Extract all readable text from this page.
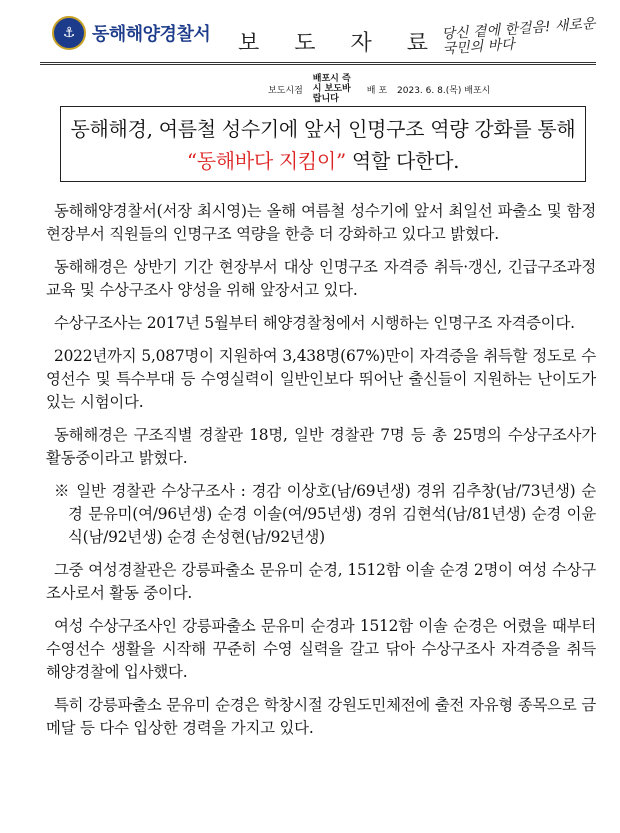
⚓ 동해해양경찰서 보 도 자 료
당신 곁에 한걸음! 새로운 국민의 바다
보도시점
배포시 즉시 보도바랍니다
배 포 2023. 6. 8.(목) 배포시
동해해경, 여름철 성수기에 앞서 인명구조 역량 강화를 통해 “동해바다 지킴이” 역할 다한다.

동해해양경찰서(서장 최시영)는 올해 여름철 성수기에 앞서 최일선 파출소 및 함정 현장부서 직원들의 인명구조 역량을 한층 더 강화하고 있다고 밝혔다.

동해해경은 상반기 기간 현장부서 대상 인명구조 자격증 취득·갱신, 긴급구조과정 교육 및 수상구조사 양성을 위해 앞장서고 있다.

수상구조사는 2017년 5월부터 해양경찰청에서 시행하는 인명구조 자격증이다.

2022년까지 5,087명이 지원하여 3,438명(67%)만이 자격증을 취득할 정도로 수영선수 및 특수부대 등 수영실력이 일반인보다 뛰어난 출신들이 지원하는 난이도가 있는 시험이다.

동해해경은 구조직별 경찰관 18명, 일반 경찰관 7명 등 총 25명의 수상구조사가 활동중이라고 밝혔다.

※ 일반 경찰관 수상구조사 : 경감 이상호(남/69년생) 경위 김추창(남/73년생) 순경 문유미(여/96년생) 순경 이솔(여/95년생) 경위 김현석(남/81년생) 순경 이윤식(남/92년생) 순경 손성현(남/92년생)

그중 여성경찰관은 강릉파출소 문유미 순경, 1512함 이솔 순경 2명이 여성 수상구조사로서 활동 중이다.

여성 수상구조사인 강릉파출소 문유미 순경과 1512함 이솔 순경은 어렸을 때부터 수영선수 생활을 시작해 꾸준히 수영 실력을 갈고 닦아 수상구조사 자격증을 취득 해양경찰에 입사했다.

특히 강릉파출소 문유미 순경은 학창시절 강원도민체전에 출전 자유형 종목으로 금메달 등 다수 입상한 경력을 가지고 있다.
